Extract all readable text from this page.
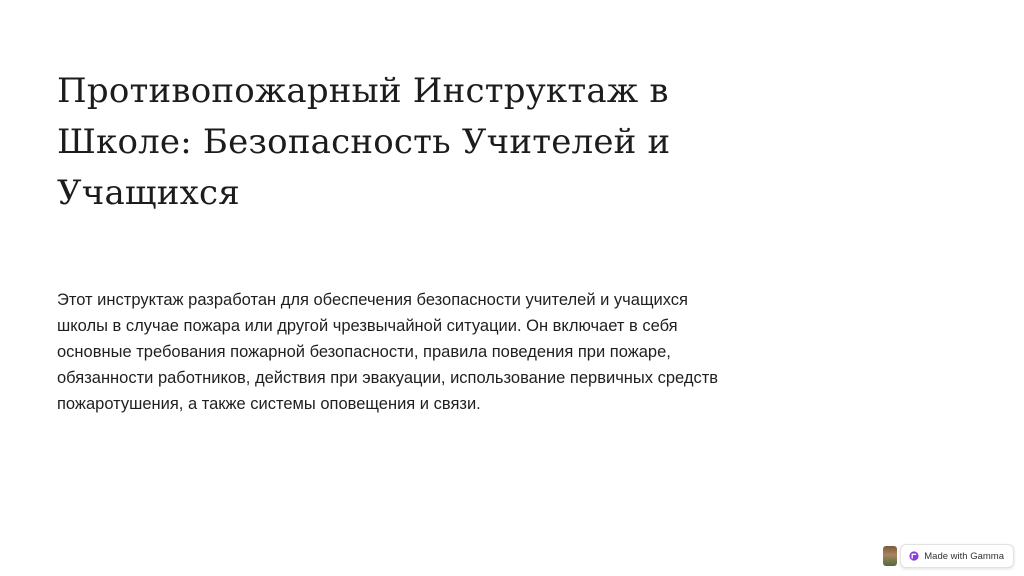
Противопожарный Инструктаж в Школе: Безопасность Учителей и Учащихся

Этот инструктаж разработан для обеспечения безопасности учителей и учащихся школы в случае пожара или другой чрезвычайной ситуации. Он включает в себя основные требования пожарной безопасности, правила поведения при пожаре, обязанности работников, действия при эвакуации, использование первичных средств пожаротушения, а также системы оповещения и связи.

Made with Gamma
